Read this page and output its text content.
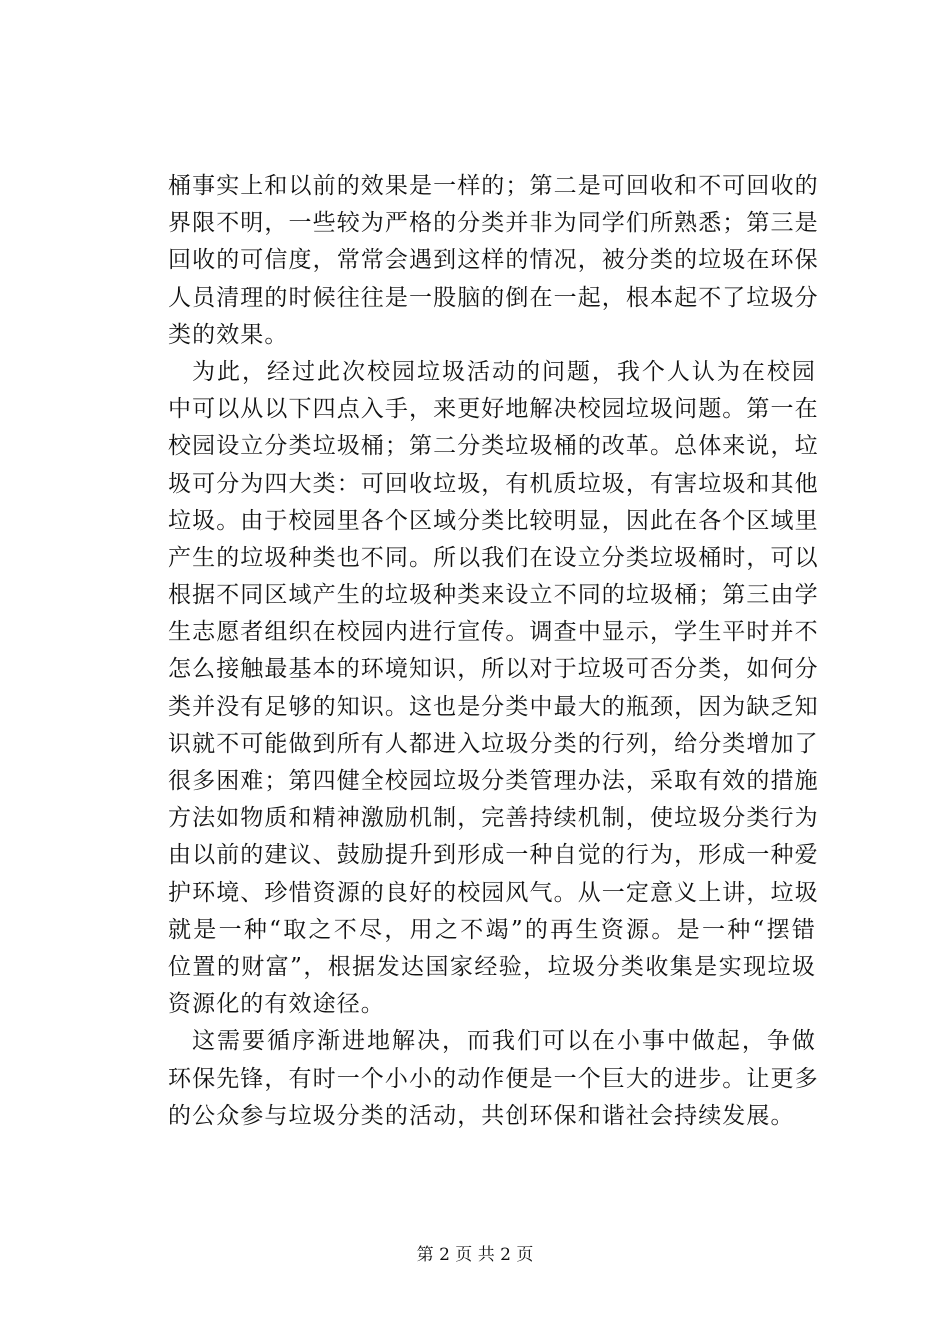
桶事实上和以前的效果是一样的；第二是可回收和不可回收的
界限不明，一些较为严格的分类并非为同学们所熟悉；第三是
回收的可信度，常常会遇到这样的情况，被分类的垃圾在环保
人员清理的时候往往是一股脑的倒在一起，根本起不了垃圾分
类的效果。
为此，经过此次校园垃圾活动的问题，我个人认为在校园
中可以从以下四点入手，来更好地解决校园垃圾问题。第一在
校园设立分类垃圾桶；第二分类垃圾桶的改革。总体来说，垃
圾可分为四大类：可回收垃圾，有机质垃圾，有害垃圾和其他
垃圾。由于校园里各个区域分类比较明显，因此在各个区域里
产生的垃圾种类也不同。所以我们在设立分类垃圾桶时，可以
根据不同区域产生的垃圾种类来设立不同的垃圾桶；第三由学
生志愿者组织在校园内进行宣传。调查中显示，学生平时并不
怎么接触最基本的环境知识，所以对于垃圾可否分类，如何分
类并没有足够的知识。这也是分类中最大的瓶颈，因为缺乏知
识就不可能做到所有人都进入垃圾分类的行列，给分类增加了
很多困难；第四健全校园垃圾分类管理办法，采取有效的措施
方法如物质和精神激励机制，完善持续机制，使垃圾分类行为
由以前的建议、鼓励提升到形成一种自觉的行为，形成一种爱
护环境、珍惜资源的良好的校园风气。从一定意义上讲，垃圾
就是一种“取之不尽，用之不竭”的再生资源。是一种“摆错
位置的财富”，根据发达国家经验，垃圾分类收集是实现垃圾
资源化的有效途径。
这需要循序渐进地解决，而我们可以在小事中做起，争做
环保先锋，有时一个小小的动作便是一个巨大的进步。让更多
的公众参与垃圾分类的活动，共创环保和谐社会持续发展。
第 2 页 共 2 页
